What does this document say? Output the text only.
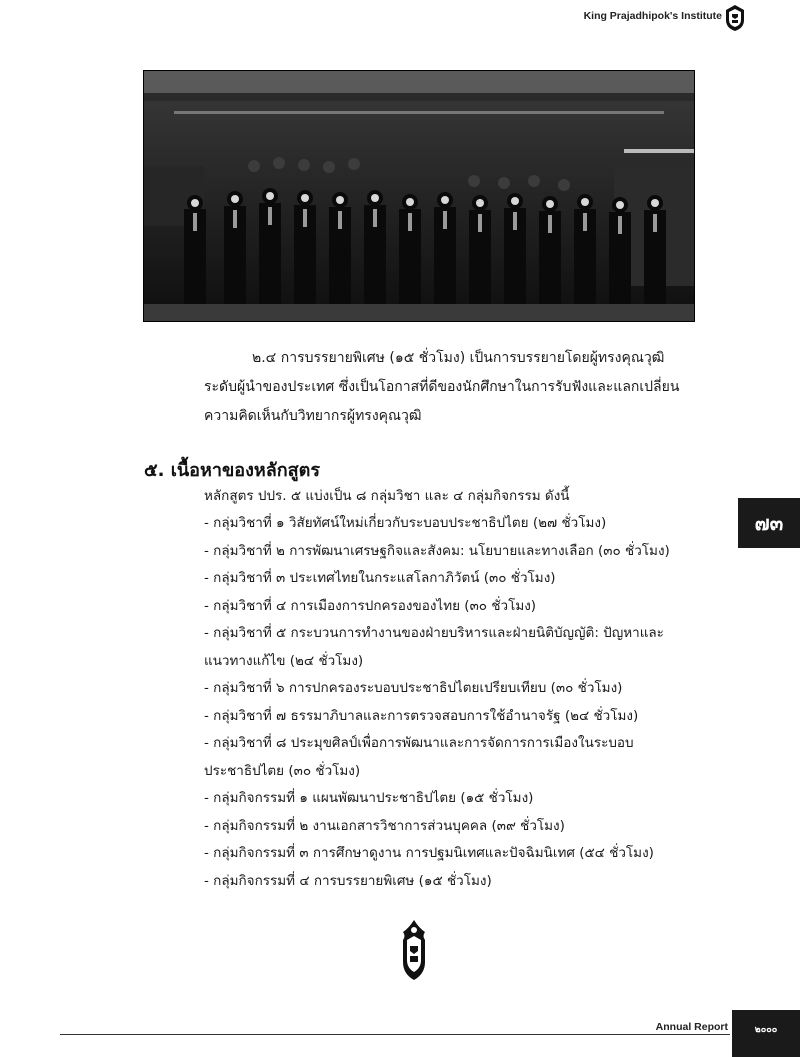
King Prajadhipok's Institute
๒.๔ การบรรยายพิเศษ (๑๕ ชั่วโมง) เป็นการบรรยายโดยผู้ทรงคุณวุฒิ
ระดับผู้นำของประเทศ ซึ่งเป็นโอกาสที่ดีของนักศึกษาในการรับฟังและแลกเปลี่ยน
ความคิดเห็นกับวิทยากรผู้ทรงคุณวุฒิ
๕. เนื้อหาของหลักสูตร
หลักสูตร ปปร. ๕ แบ่งเป็น ๘ กลุ่มวิชา และ ๔ กลุ่มกิจกรรม ดังนี้
- กลุ่มวิชาที่ ๑ วิสัยทัศน์ใหม่เกี่ยวกับระบอบประชาธิปไตย (๒๗ ชั่วโมง)
- กลุ่มวิชาที่ ๒ การพัฒนาเศรษฐกิจและสังคม: นโยบายและทางเลือก (๓๐ ชั่วโมง)
- กลุ่มวิชาที่ ๓ ประเทศไทยในกระแสโลกาภิวัตน์ (๓๐ ชั่วโมง)
- กลุ่มวิชาที่ ๔ การเมืองการปกครองของไทย (๓๐ ชั่วโมง)
- กลุ่มวิชาที่ ๕ กระบวนการทำงานของฝ่ายบริหารและฝ่ายนิติบัญญัติ: ปัญหาและ
แนวทางแก้ไข (๒๔ ชั่วโมง)
- กลุ่มวิชาที่ ๖ การปกครองระบอบประชาธิปไตยเปรียบเทียบ (๓๐ ชั่วโมง)
- กลุ่มวิชาที่ ๗ ธรรมาภิบาลและการตรวจสอบการใช้อำนาจรัฐ (๒๔ ชั่วโมง)
- กลุ่มวิชาที่ ๘ ประมุขศิลป์เพื่อการพัฒนาและการจัดการการเมืองในระบอบ
ประชาธิปไตย (๓๐ ชั่วโมง)
- กลุ่มกิจกรรมที่ ๑ แผนพัฒนาประชาธิปไตย (๑๕ ชั่วโมง)
- กลุ่มกิจกรรมที่ ๒ งานเอกสารวิชาการส่วนบุคคล (๓๙ ชั่วโมง)
- กลุ่มกิจกรรมที่ ๓ การศึกษาดูงาน การปฐมนิเทศและปัจฉิมนิเทศ (๕๔ ชั่วโมง)
- กลุ่มกิจกรรมที่ ๔ การบรรยายพิเศษ (๑๕ ชั่วโมง)
๗๓
Annual Report	๒๐๐๐
